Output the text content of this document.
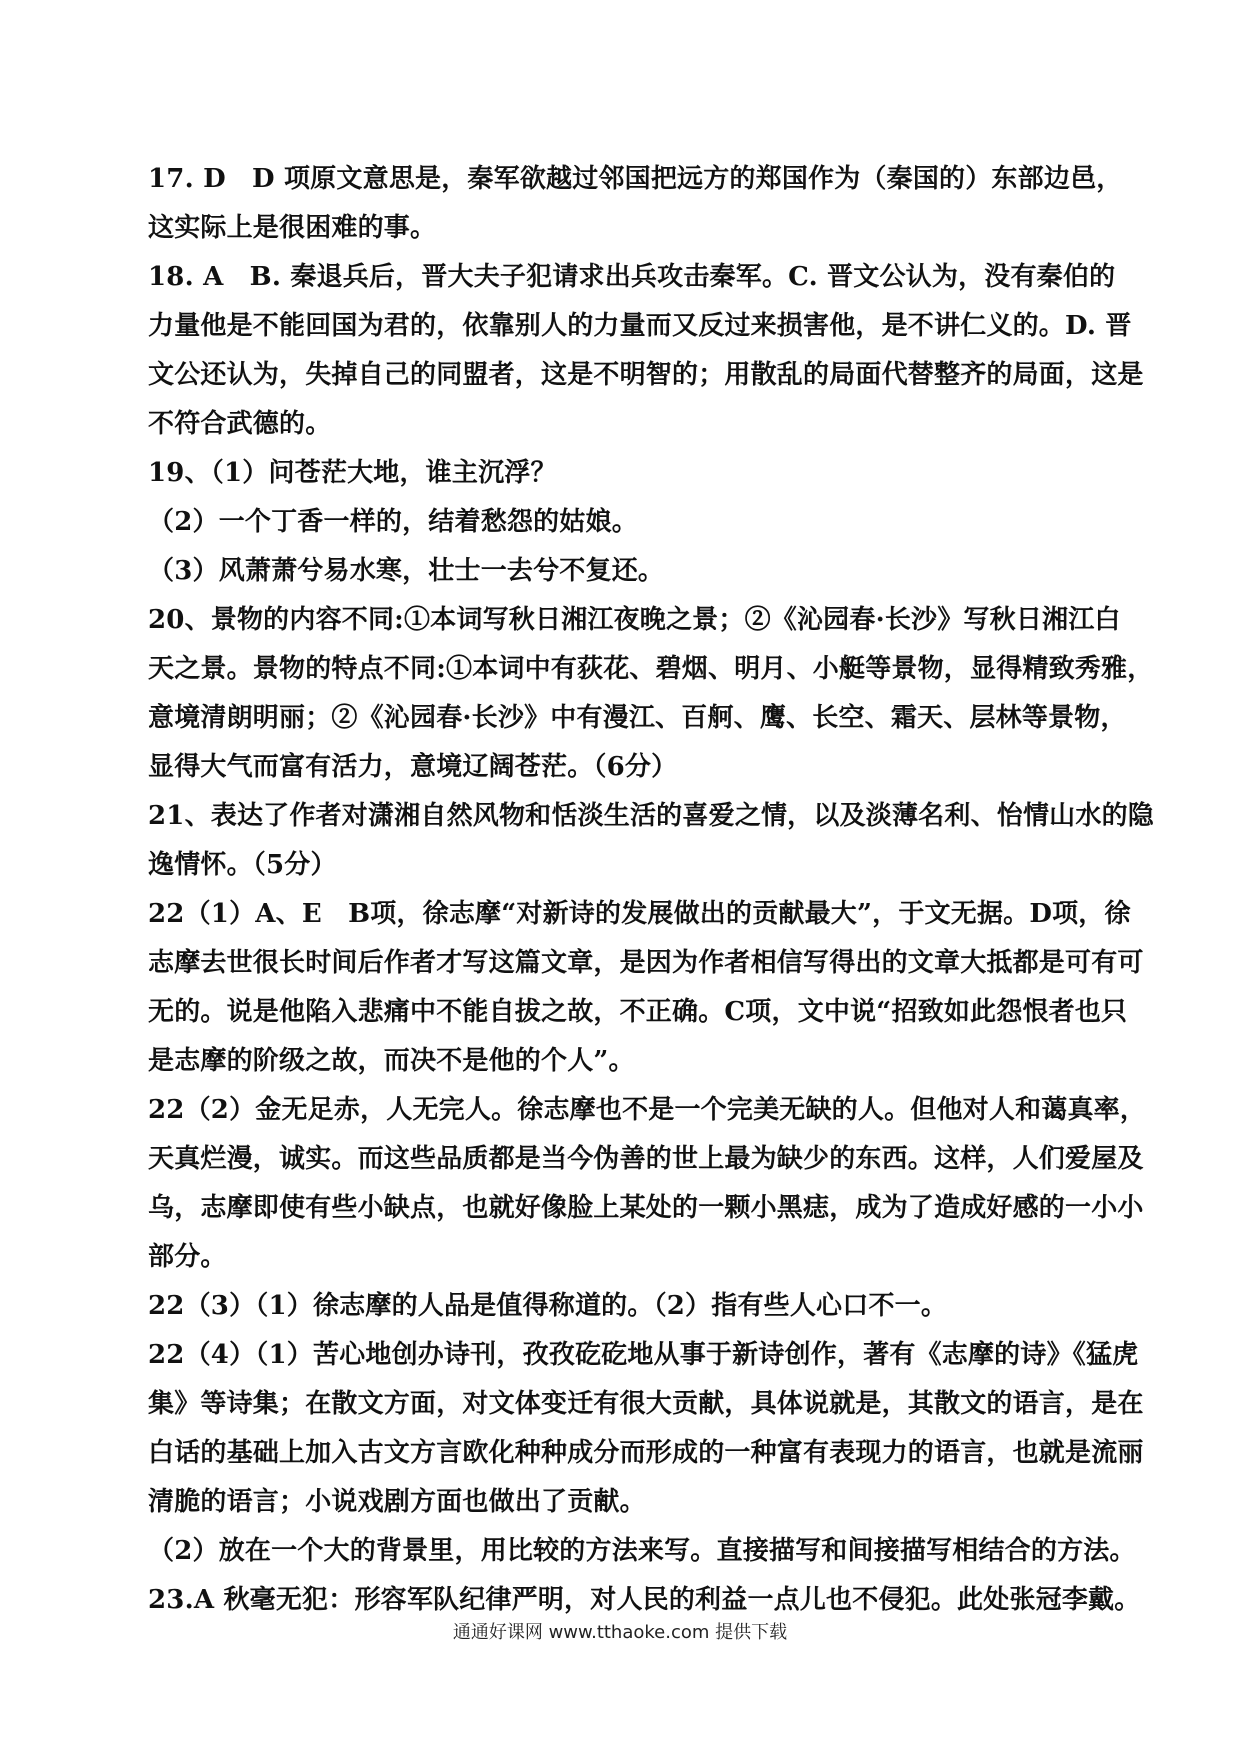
17. D　D 项原文意思是，秦军欲越过邻国把远方的郑国作为（秦国的）东部边邑，
这实际上是很困难的事。
18. A　B. 秦退兵后，晋大夫子犯请求出兵攻击秦军。C. 晋文公认为，没有秦伯的
力量他是不能回国为君的，依靠别人的力量而又反过来损害他，是不讲仁义的。D. 晋
文公还认为，失掉自己的同盟者，这是不明智的；用散乱的局面代替整齐的局面，这是
不符合武德的。
19、（1）问苍茫大地，谁主沉浮？
（2）一个丁香一样的，结着愁怨的姑娘。
（3）风萧萧兮易水寒，壮士一去兮不复还。
20、景物的内容不同:①本词写秋日湘江夜晚之景；②《沁园春·长沙》写秋日湘江白
天之景。景物的特点不同:①本词中有荻花、碧烟、明月、小艇等景物，显得精致秀雅，
意境清朗明丽；②《沁园春·长沙》中有漫江、百舸、鹰、长空、霜天、层林等景物，
显得大气而富有活力，意境辽阔苍茫。（6分）
21、表达了作者对潇湘自然风物和恬淡生活的喜爱之情，以及淡薄名利、怡情山水的隐
逸情怀。（5分）
22（1）A、E　B项，徐志摩“对新诗的发展做出的贡献最大”，于文无据。D项，徐
志摩去世很长时间后作者才写这篇文章，是因为作者相信写得出的文章大抵都是可有可
无的。说是他陷入悲痛中不能自拔之故，不正确。C项，文中说“招致如此怨恨者也只
是志摩的阶级之故，而决不是他的个人”。
22（2）金无足赤，人无完人。徐志摩也不是一个完美无缺的人。但他对人和蔼真率，
天真烂漫，诚实。而这些品质都是当今伪善的世上最为缺少的东西。这样，人们爱屋及
乌，志摩即使有些小缺点，也就好像脸上某处的一颗小黑痣，成为了造成好感的一小小
部分。
22（3）（1）徐志摩的人品是值得称道的。（2）指有些人心口不一。
22（4）（1）苦心地创办诗刊，孜孜矻矻地从事于新诗创作，著有《志摩的诗》《猛虎
集》等诗集；在散文方面，对文体变迁有很大贡献，具体说就是，其散文的语言，是在
白话的基础上加入古文方言欧化种种成分而形成的一种富有表现力的语言，也就是流丽
清脆的语言；小说戏剧方面也做出了贡献。
（2）放在一个大的背景里，用比较的方法来写。直接描写和间接描写相结合的方法。
23.A 秋毫无犯：形容军队纪律严明，对人民的利益一点儿也不侵犯。此处张冠李戴。
通通好课网 www.tthaoke.com 提供下载
